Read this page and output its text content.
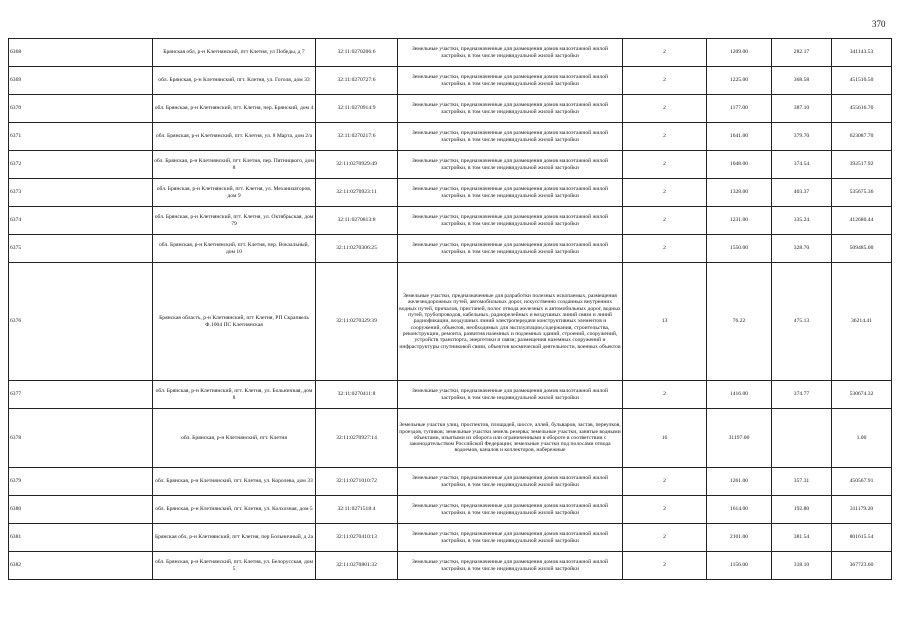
370
6368	Брянская обл, р-н Клетнянский, пгт Клетня, ул Победы, д 7	32:11:0270206:6	Земельные участки, предназначенные для размещения домов малоэтажной жилой застройки, в том числе индивидуальной жилой застройки	2	1209.00	282.17	341143.53
6369	обл. Брянская, р-н Клетнянский, пгт. Клетня, ул. Гоголя, дом 33	32:11:0270727:6	Земельные участки, предназначенные для размещения домов малоэтажной жилой застройки, в том числе индивидуальной жилой застройки	2	1225.00	368.58	451510.50
6370	обл. Брянская, р-н Клетнянский, пгт. Клетня, пер. Брянский, дом 4	32:11:0270914:9	Земельные участки, предназначенные для размещения домов малоэтажной жилой застройки, в том числе индивидуальной жилой застройки	2	1177.00	387.10	455616.70
6371	обл. Брянская, р-н Клетнянский, пгт. Клетня, ул. 8 Марта, дом 2/а	32:11:0270217:6	Земельные участки, предназначенные для размещения домов малоэтажной жилой застройки, в том числе индивидуальной жилой застройки	2	1641.00	379.70	623087.70
6372	обл. Брянская, р-н Клетнянский, пгт. Клетня, пер. Пятницкого, дом 8	32:11:0270929:49	Земельные участки, предназначенные для размещения домов малоэтажной жилой застройки, в том числе индивидуальной жилой застройки	2	1048.00	374.54	392517.92
6373	обл. Брянская, р-н Клетнянский, пгт. Клетня, ул. Механизаторов, дом 9	32:11:0270923:11	Земельные участки, предназначенные для размещения домов малоэтажной жилой застройки, в том числе индивидуальной жилой застройки	2	1328.00	403.37	535675.36
6374	обл. Брянская, р-н Клетнянский, пгт. Клетня, ул. Октябрьская, дом 79	32:11:0270813:8	Земельные участки, предназначенные для размещения домов малоэтажной жилой застройки, в том числе индивидуальной жилой застройки	2	1231.00	335.24	412680.44
6375	обл. Брянская, р-н Клетнянский, пгт. Клетня, пер. Вокзальный, дом 10	32:11:0270306:25	Земельные участки, предназначенные для размещения домов малоэтажной жилой застройки, в том числе индивидуальной жилой застройки	2	1550.00	328.70	509485.00
6376	Брянская область, р-н Клетнянский, пгт Клетня, РП Скрапвель Ф.1004 ПС Клетнянская	32:11:0270329:39	Земельные участки, предназначенные для разработки полезных ископаемых, размещения железнодорожных путей, автомобильных дорог, искусственно созданных внутренних водных путей, причалов, пристаней, полос отвода железных и автомобильных дорог, водных путей, трубопроводов, кабельных, радиорелейных и воздушных линий связи и линий радиофикации, воздушных линий электропередачи конструктивных элементов и сооружений, объектов, необходимых для эксплуатации,содержания, строительства, реконструкции, ремонта, развития наземных и подземных зданий, строений, сооружений, устройств транспорта, энергетики и связи; размещения наземных сооружений и инфраструктуры спутниковой связи, объектов космической деятельности, военных объектов	13	76.22	475.13	36214.41
6377	обл. Брянская, р-н Клетнянский, пгт. Клетня, ул. Больничная, дом 8	32:11:0270411:8	Земельные участки, предназначенные для размещения домов малоэтажной жилой застройки, в том числе индивидуальной жилой застройки	2	1416.00	374.77	530674.32
6378	обл. Брянская, р-н Клетнянский, пгт. Клетня	32:11:0270927:14	Земельные участки улиц, проспектов, площадей, шоссе, аллей, бульваров, застав, переулков, проездов, тупиков; земельные участки земель резерва; земельные участки, занятые водными объектами, изъятыми из оборота или ограниченными в обороте в соответствии с законодательством Российской Федерации; земельные участки под полосами отвода водоемов, каналов и коллекторов, набережные	16	31197.00		1.00
6379	обл. Брянская, р-н Клетнянский, пгт. Клетня, ул. Королева, дом 33	32:11:0271010:72	Земельные участки, предназначенные для размещения домов малоэтажной жилой застройки, в том числе индивидуальной жилой застройки	2	1261.00	357.31	450567.91
6380	обл. Брянская, р-н Клетнянский, пгт. Клетня, ул. Колхозная, дом 5	32:11:0271518:4	Земельные участки, предназначенные для размещения домов малоэтажной жилой застройки, в том числе индивидуальной жилой застройки	2	1614.00	192.80	311179.20
6381	Брянская обл, р-н Клетнянский, пгт Клетня, пер Больничный, д 2а	32:11:0270410:13	Земельные участки, предназначенные для размещения домов малоэтажной жилой застройки, в том числе индивидуальной жилой застройки	2	2101.00	381.54	801615.54
6382	обл. Брянская, р-н Клетнянский, пгт. Клетня, ул. Белорусская, дом 5	32:11:0270801:32	Земельные участки, предназначенные для размещения домов малоэтажной жилой застройки, в том числе индивидуальной жилой застройки	2	1156.00	318.10	367723.60
